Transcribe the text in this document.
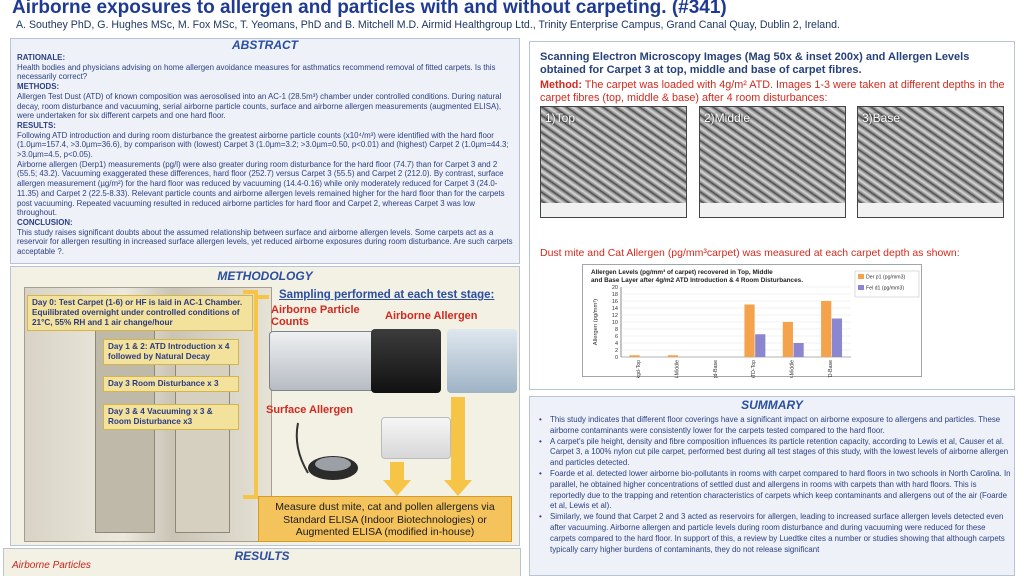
Airborne exposures to allergen and particles with and without carpeting. (#341)
A. Southey PhD, G. Hughes MSc, M. Fox MSc, T. Yeomans, PhD and B. Mitchell M.D. Airmid Healthgroup Ltd., Trinity Enterprise Campus, Grand Canal Quay, Dublin 2, Ireland.
ABSTRACT
RATIONALE:
Health bodies and physicians advising on home allergen avoidance measures for asthmatics recommend removal of fitted carpets. Is this necessarily correct?
METHODS:
Allergen Test Dust (ATD) of known composition was aerosolised into an AC-1 (28.5m³) chamber under controlled conditions. During natural decay, room disturbance and vacuuming, serial airborne particle counts, surface and airborne allergen measurements (augmented ELISA), were undertaken for six different carpets and one hard floor.
RESULTS:
Following ATD introduction and during room disturbance the greatest airborne particle counts (x10⁴/m³) were identified with the hard floor (1.0µm=157.4, >3.0µm=36.6), by comparison with (lowest) Carpet 3 (1.0µm=3.2; >3.0µm=0.50, p<0.01) and (highest) Carpet 2 (1.0µm=44.3; >3.0µm=4.5, p<0.05).
Airborne allergen (Derp1) measurements (pg/l) were also greater during room disturbance for the hard floor (74.7) than for Carpet 3 and 2 (55.5; 43.2). Vacuuming exaggerated these differences, hard floor (252.7) versus Carpet 3 (55.5) and Carpet 2 (212.0). By contrast, surface allergen measurement (µg/m²) for the hard floor was reduced by vacuuming (14.4-0.16) while only moderately reduced for Carpet 3 (24.0-11.35) and Carpet 2 (22.5-8.33). Relevant particle counts and airborne allergen levels remained higher for the hard floor than for the carpets post vacuuming. Repeated vacuuming resulted in reduced airborne particles for hard floor and Carpet 2, whereas Carpet 3 was low throughout.
CONCLUSION:
This study raises significant doubts about the assumed relationship between surface and airborne allergen levels. Some carpets act as a reservoir for allergen resulting in increased surface allergen levels, yet reduced airborne exposures during room disturbance. Are such carpets acceptable ?.
METHODOLOGY
Day 0: Test Carpet (1-6) or HF is laid in AC-1 Chamber. Equilibrated overnight under controlled conditions of 21°C, 55% RH and 1 air change/hour
Day 1 & 2: ATD Introduction x 4 followed by Natural Decay
Day 3 Room Disturbance x 3
Day 3 & 4 Vacuuming x 3 & Room Disturbance x3
Sampling performed at each test stage:
Airborne Particle Counts	Airborne Allergen
Surface Allergen
Measure dust mite, cat and pollen allergens via Standard ELISA (Indoor Biotechnologies) or Augmented ELISA (modified in-house)
RESULTS
Airborne Particles
Scanning Electron Microscopy Images (Mag 50x & inset 200x) and Allergen Levels obtained for Carpet 3 at top, middle and base of carpet fibres.
Method: The carpet was loaded with 4g/m² ATD. Images 1-3 were taken at different depths in the carpet fibres (top, middle & base) after 4 room disturbances:
1)Top	2)Middle	3)Base
Dust mite and Cat Allergen (pg/mm³carpet) was measured at each carpet depth as shown:
Allergen Levels (pg/mm³ of carpet) recovered in Top, Middle and Base Layer after 4g/m2 ATD Introduction & 4 Room Disturbances.
0
2
4
6
8
10
12
14
16
18
20
Allergen (pg/mm³)
Bkgd-Top	Bkgd-Middle	Bkgd-Base	ATD-Top	ATD-Middle	ATD-Base
Der p1 (pg/mm3)
Fel d1 (pg/mm3)
SUMMARY
• This study indicates that different floor coverings have a significant impact on airborne exposure to allergens and particles. These airborne contaminants were consistently lower for the carpets tested compared to the hard floor.
• A carpet's pile height, density and fibre composition influences its particle retention capacity, according to Lewis et al, Causer et al. Carpet 3, a 100% nylon cut pile carpet, performed best during all test stages of this study, with the lowest levels of airborne allergen and particles detected.
• Foarde et al. detected lower airborne bio-pollutants in rooms with carpet compared to hard floors in two schools in North Carolina. In parallel, he obtained higher concentrations of settled dust and allergens in rooms with carpets than with hard floors. This is reportedly due to the trapping and retention characteristics of carpets which keep contaminants and allergens out of the air (Foarde et al, Lewis et al).
• Similarly, we found that Carpet 2 and 3 acted as reservoirs for allergen, leading to increased surface allergen levels detected even after vacuuming. Airborne allergen and particle levels during room disturbance and during vacuuming were reduced for these carpets compared to the hard floor. In support of this, a review by Luedtke cites a number or studies showing that although carpets typically carry higher burdens of contaminants, they do not release significant
